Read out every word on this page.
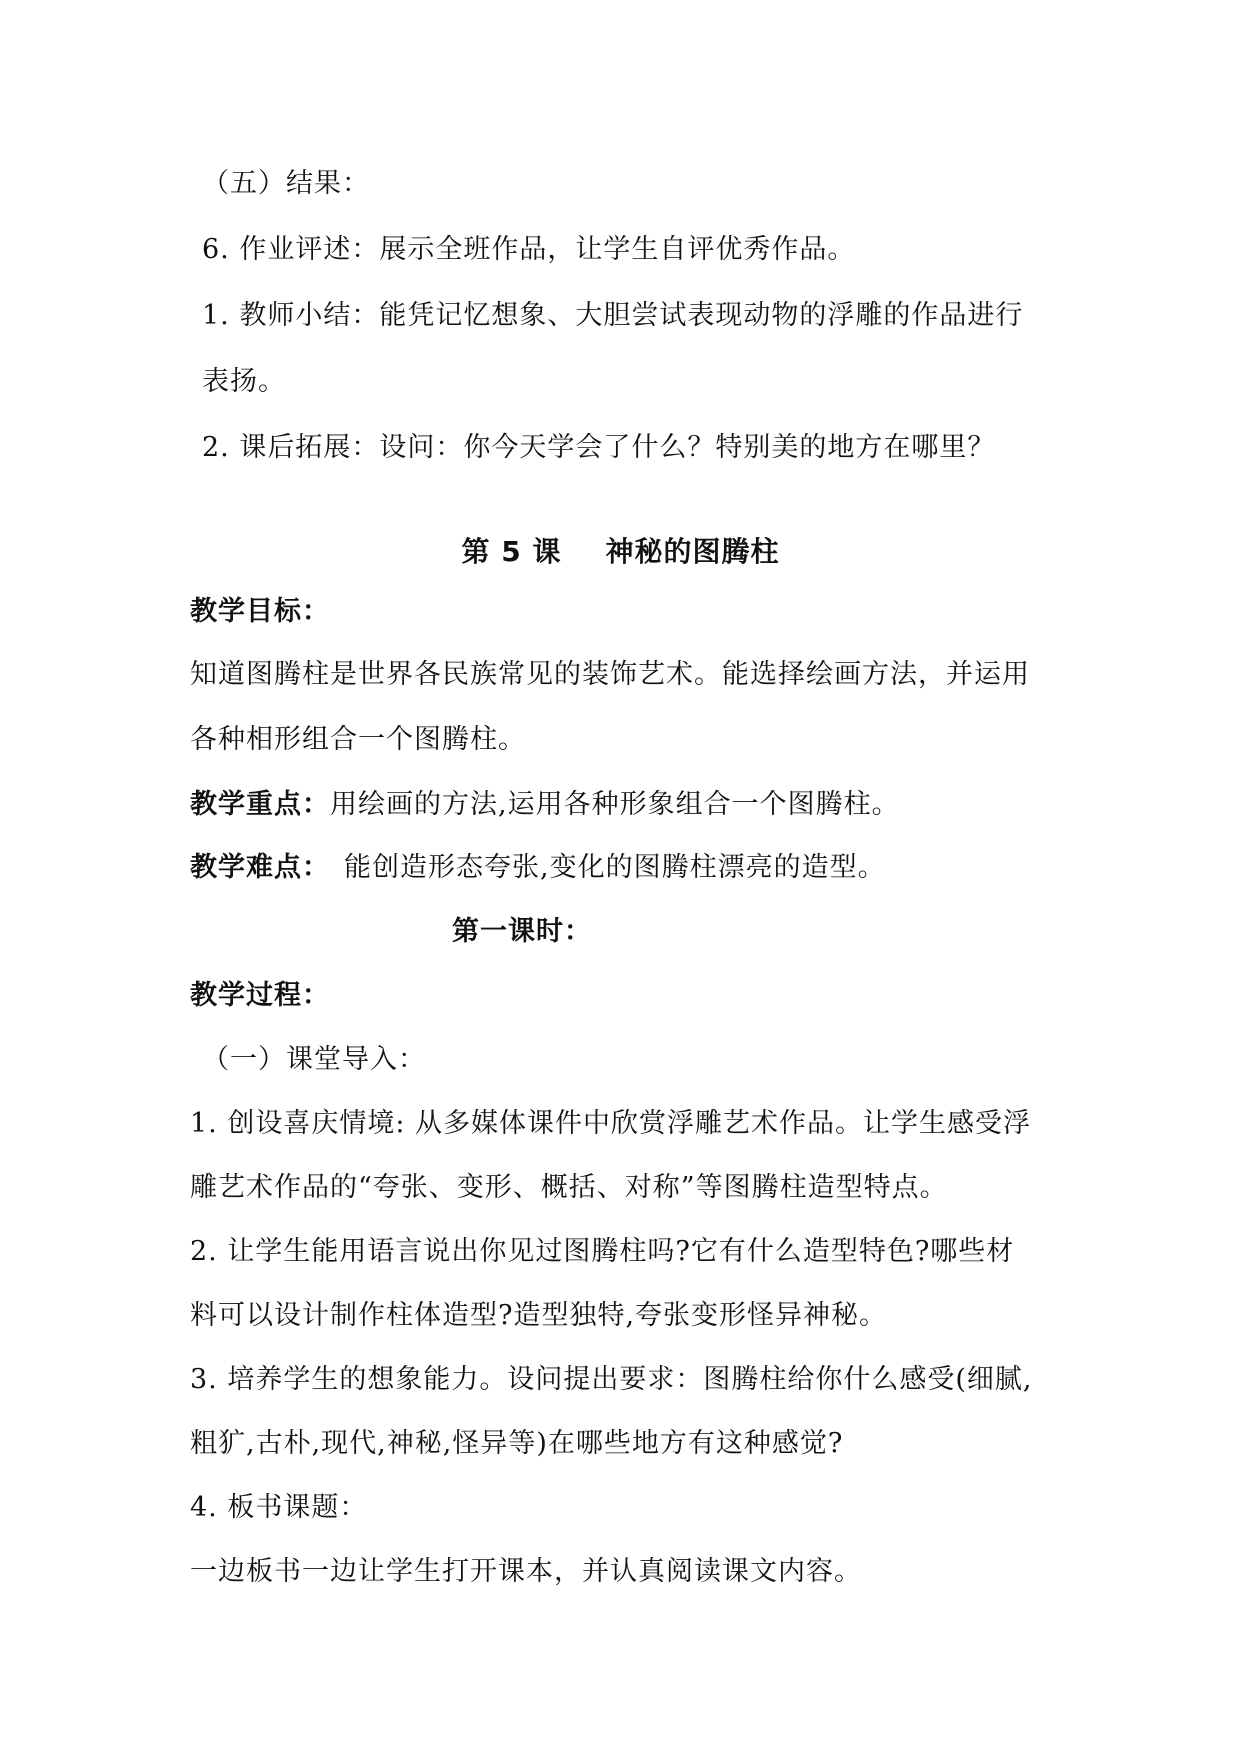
（五）结果：
6. 作业评述：展示全班作品，让学生自评优秀作品。
1. 教师小结：能凭记忆想象、大胆尝试表现动物的浮雕的作品进行
表扬。
2. 课后拓展：设问：你今天学会了什么？特别美的地方在哪里？
第 5 课 神秘的图腾柱
教学目标：
知道图腾柱是世界各民族常见的装饰艺术。能选择绘画方法，并运用
各种相形组合一个图腾柱。
教学重点：用绘画的方法,运用各种形象组合一个图腾柱。
教学难点： 能创造形态夸张,变化的图腾柱漂亮的造型。
第一课时：
教学过程：
（一）课堂导入：
1. 创设喜庆情境: 从多媒体课件中欣赏浮雕艺术作品。让学生感受浮
雕艺术作品的“夸张、变形、概括、对称”等图腾柱造型特点。
2. 让学生能用语言说出你见过图腾柱吗?它有什么造型特色?哪些材
料可以设计制作柱体造型?造型独特,夸张变形怪异神秘。
3. 培养学生的想象能力。设问提出要求：图腾柱给你什么感受(细腻,
粗犷,古朴,现代,神秘,怪异等)在哪些地方有这种感觉?
4. 板书课题：
一边板书一边让学生打开课本，并认真阅读课文内容。
